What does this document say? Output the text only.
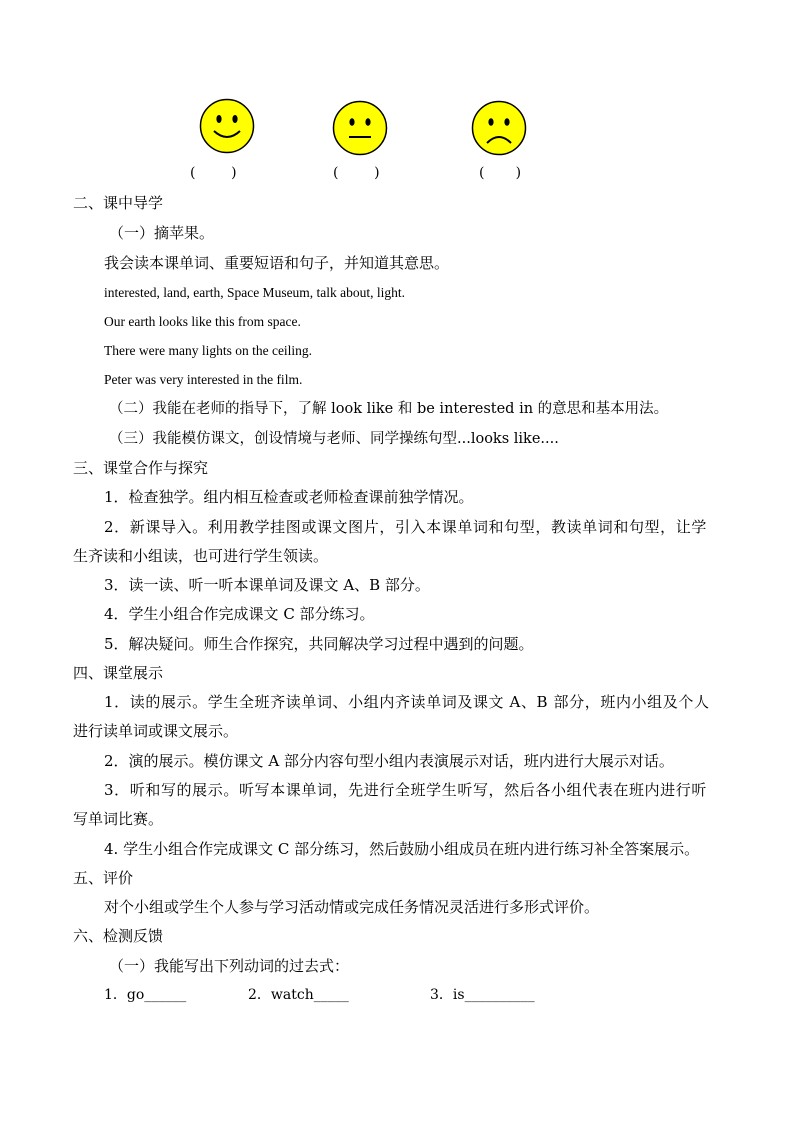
(        )	(        )	(       )
二、课中导学
（一）摘苹果。
我会读本课单词、重要短语和句子，并知道其意思。
interested, land, earth, Space Museum, talk about, light.
Our earth looks like this from space.
There were many lights on the ceiling.
Peter was very interested in the film.
（二）我能在老师的指导下，了解 look like 和 be interested in 的意思和基本用法。
（三）我能模仿课文，创设情境与老师、同学操练句型...looks like....
三、课堂合作与探究
1．检查独学。组内相互检查或老师检查课前独学情况。
2．新课导入。利用教学挂图或课文图片，引入本课单词和句型，教读单词和句型，让学
生齐读和小组读，也可进行学生领读。
3．读一读、听一听本课单词及课文 A、B 部分。
4．学生小组合作完成课文 C 部分练习。
5．解决疑问。师生合作探究，共同解决学习过程中遇到的问题。
四、课堂展示
1．读的展示。学生全班齐读单词、小组内齐读单词及课文 A、B 部分，班内小组及个人
进行读单词或课文展示。
2．演的展示。模仿课文 A 部分内容句型小组内表演展示对话，班内进行大展示对话。
3．听和写的展示。听写本课单词，先进行全班学生听写，然后各小组代表在班内进行听
写单词比赛。
4. 学生小组合作完成课文 C 部分练习，然后鼓励小组成员在班内进行练习补全答案展示。
五、评价
对个小组或学生个人参与学习活动情或完成任务情况灵活进行多形式评价。
六、检测反馈
（一）我能写出下列动词的过去式：
1．go______	2．watch_____	3．is__________
